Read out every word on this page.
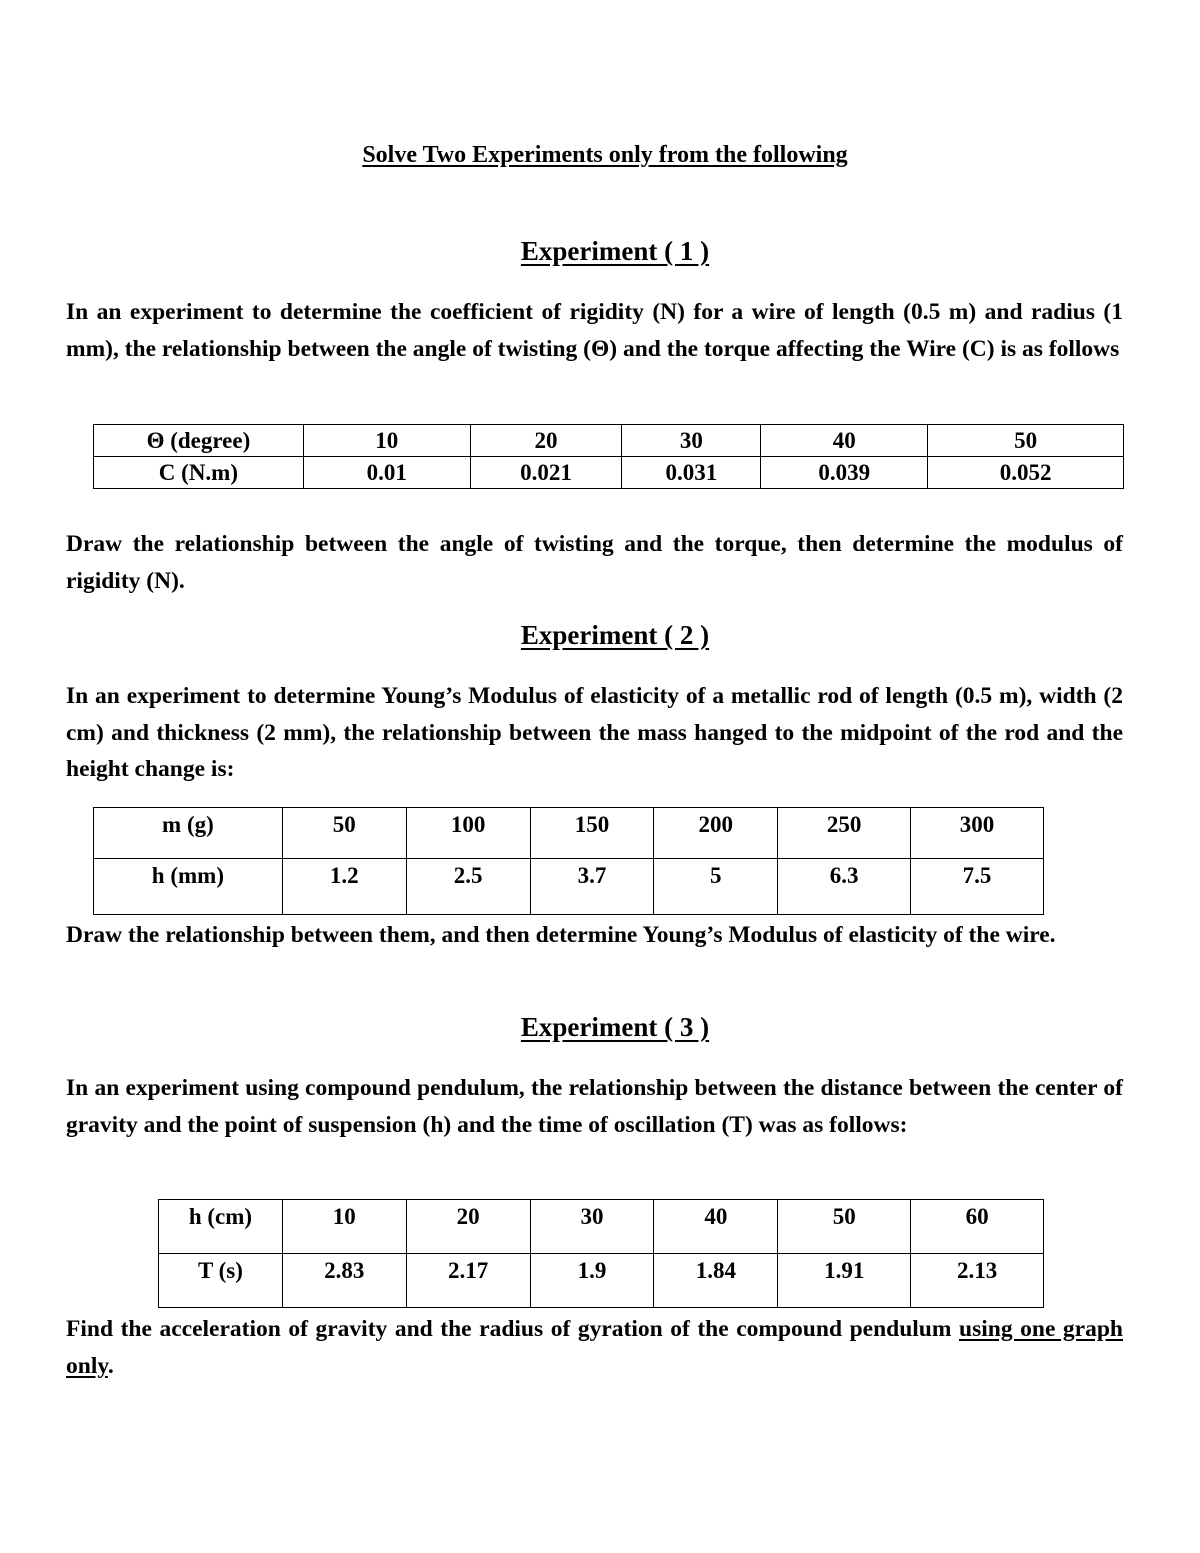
Solve Two Experiments only from the following
Experiment ( 1 )
In an experiment to determine the coefficient of rigidity (N) for a wire of length (0.5 m) and radius (1 mm), the relationship between the angle of twisting (Θ) and the torque affecting the Wire (C) is as follows
Θ (degree)	10	20	30	40	50
C (N.m)	0.01	0.021	0.031	0.039	0.052
Draw the relationship between the angle of twisting and the torque, then determine the modulus of rigidity (N).
Experiment ( 2 )
In an experiment to determine Young’s Modulus of elasticity of a metallic rod of length (0.5 m), width (2 cm) and thickness (2 mm), the relationship between the mass hanged to the midpoint of the rod and the height change is:
m (g)	50	100	150	200	250	300
h (mm)	1.2	2.5	3.7	5	6.3	7.5
Draw the relationship between them, and then determine Young’s Modulus of elasticity of the wire.
Experiment ( 3 )
In an experiment using compound pendulum, the relationship between the distance between the center of gravity and the point of suspension (h) and the time of oscillation (T) was as follows:
h (cm)	10	20	30	40	50	60
T (s)	2.83	2.17	1.9	1.84	1.91	2.13
Find the acceleration of gravity and the radius of gyration of the compound pendulum using one graph only.
